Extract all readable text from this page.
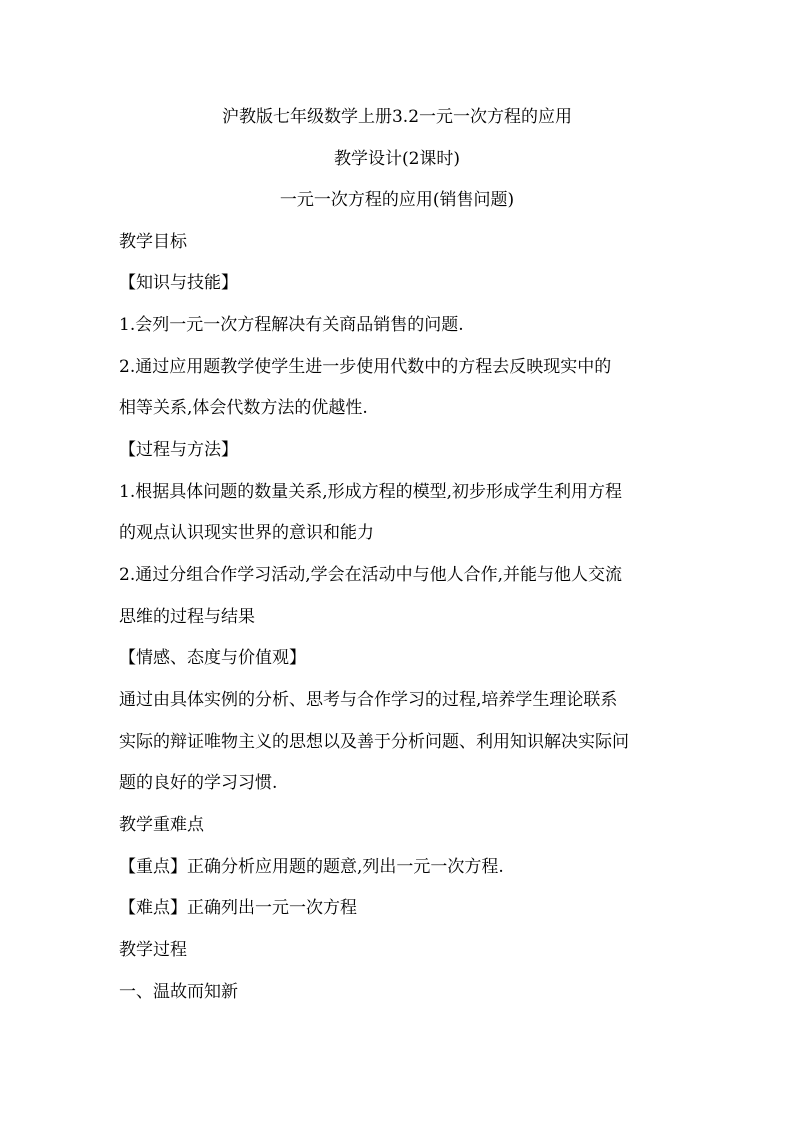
沪教版七年级数学上册3.2一元一次方程的应用
教学设计(2课时)
一元一次方程的应用(销售问题)
教学目标
【知识与技能】
1.会列一元一次方程解决有关商品销售的问题.
2.通过应用题教学使学生进一步使用代数中的方程去反映现实中的
相等关系,体会代数方法的优越性.
【过程与方法】
1.根据具体问题的数量关系,形成方程的模型,初步形成学生利用方程
的观点认识现实世界的意识和能力
2.通过分组合作学习活动,学会在活动中与他人合作,并能与他人交流
思维的过程与结果
【情感、态度与价值观】
通过由具体实例的分析、思考与合作学习的过程,培养学生理论联系
实际的辩证唯物主义的思想以及善于分析问题、利用知识解决实际问
题的良好的学习习惯.
教学重难点
【重点】正确分析应用题的题意,列出一元一次方程.
【难点】正确列出一元一次方程
教学过程
一、温故而知新
